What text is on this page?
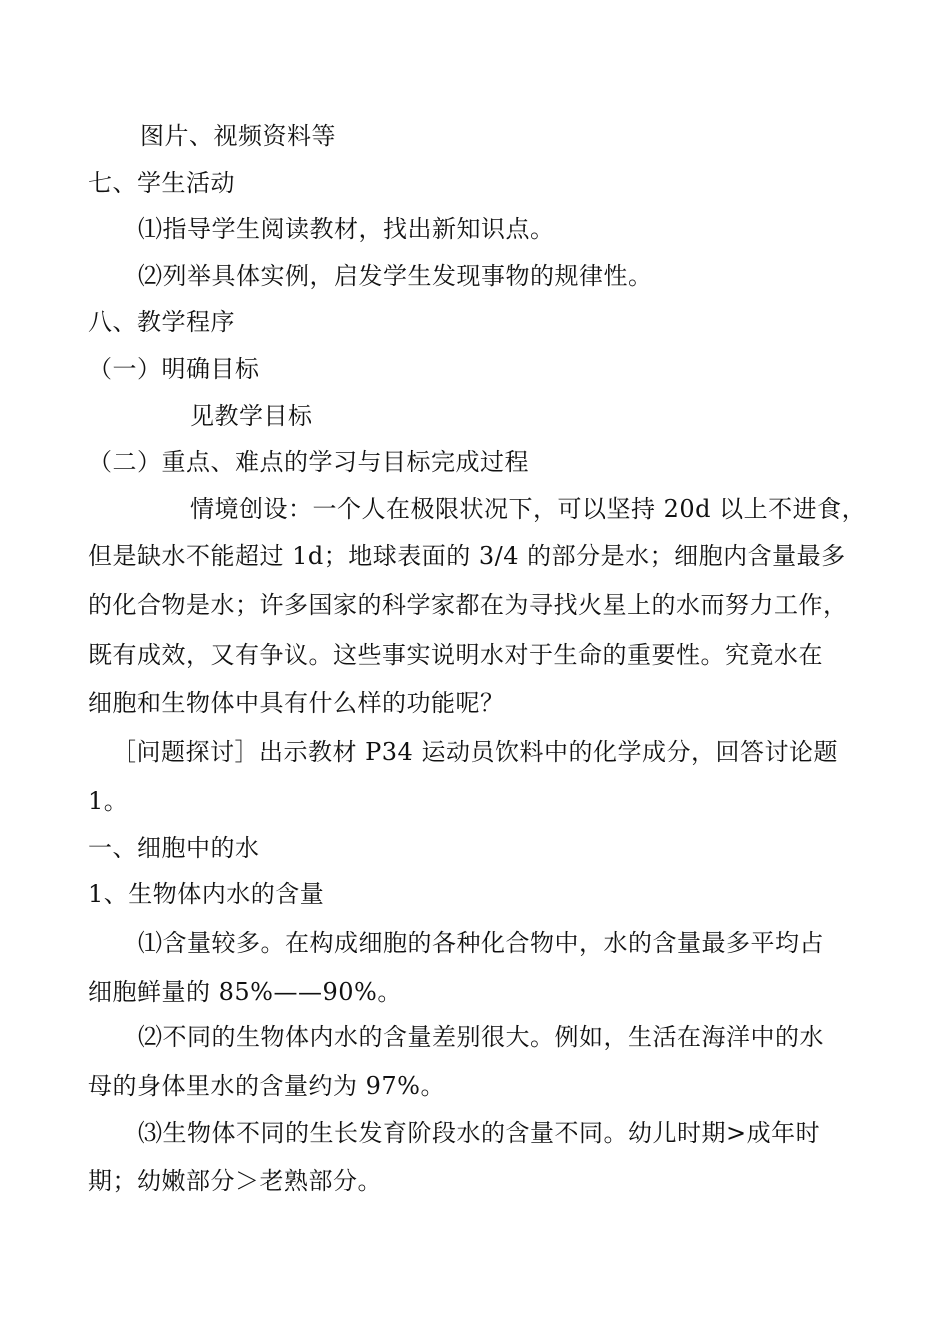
图片、视频资料等
七、学生活动
⑴指导学生阅读教材，找出新知识点。
⑵列举具体实例，启发学生发现事物的规律性。
八、教学程序
（一）明确目标
见教学目标
（二）重点、难点的学习与目标完成过程
情境创设：一个人在极限状况下，可以坚持 20d 以上不进食，
但是缺水不能超过 1d；地球表面的 3/4 的部分是水；细胞内含量最多
的化合物是水；许多国家的科学家都在为寻找火星上的水而努力工作，
既有成效，又有争议。这些事实说明水对于生命的重要性。究竟水在
细胞和生物体中具有什么样的功能呢？
［问题探讨］出示教材 P34 运动员饮料中的化学成分，回答讨论题
1。
一、细胞中的水
1、生物体内水的含量
⑴含量较多。在构成细胞的各种化合物中，水的含量最多平均占
细胞鲜量的 85%——90%。
⑵不同的生物体内水的含量差别很大。例如，生活在海洋中的水
母的身体里水的含量约为 97%。
⑶生物体不同的生长发育阶段水的含量不同。幼儿时期>成年时
期；幼嫩部分＞老熟部分。
